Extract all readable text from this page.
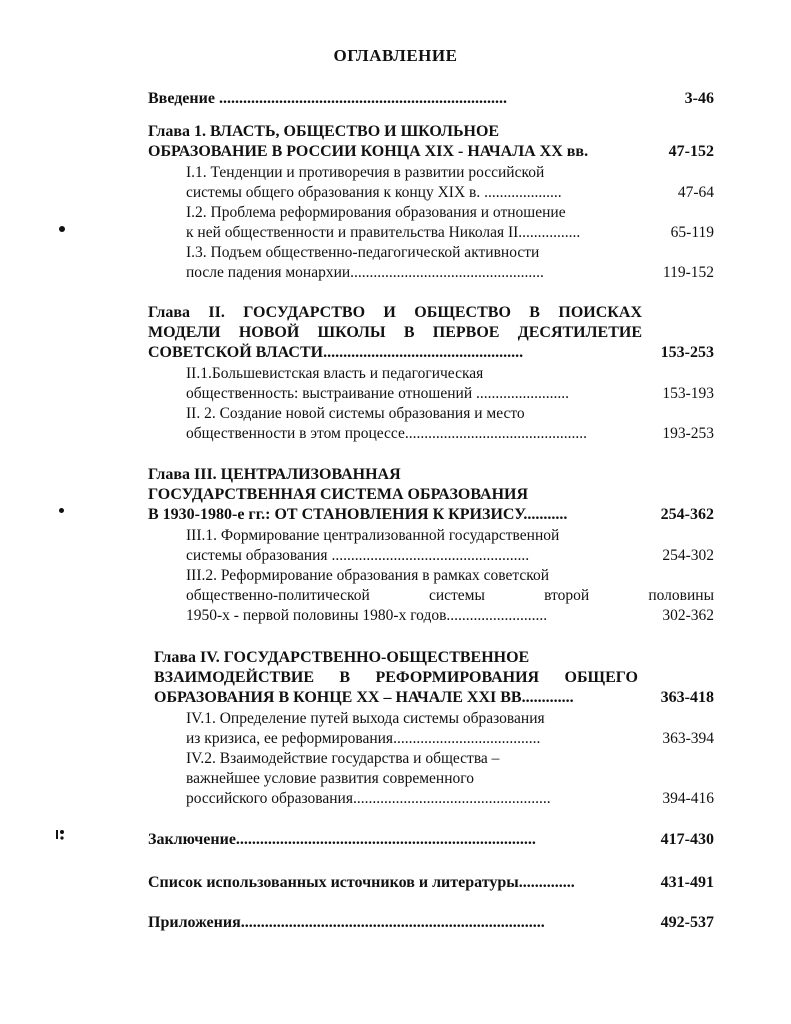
ОГЛАВЛЕНИЕ
Введение ........................................................................	3-46
Глава 1. ВЛАСТЬ, ОБЩЕСТВО И ШКОЛЬНОЕ
ОБРАЗОВАНИЕ В РОССИИ КОНЦА XIX - НАЧАЛА XX вв.	47-152
I.1. Тенденции и противоречия в развитии российской
системы общего образования к концу XIX в. ....................	47-64
I.2. Проблема реформирования образования и отношение
к ней общественности и правительства Николая II................	65-119
I.3. Подъем общественно-педагогической активности
после падения монархии..................................................	119-152
Глава II. ГОСУДАРСТВО И ОБЩЕСТВО В ПОИСКАХ
МОДЕЛИ НОВОЙ ШКОЛЫ В ПЕРВОЕ ДЕСЯТИЛЕТИЕ
СОВЕТСКОЙ ВЛАСТИ..................................................	153-253
II.1.Большевистская власть и педагогическая
общественность: выстраивание отношений ........................	153-193
II. 2. Создание новой системы образования и место
общественности в этом процессе...............................................	193-253
Глава III. ЦЕНТРАЛИЗОВАННАЯ
ГОСУДАРСТВЕННАЯ СИСТЕМА ОБРАЗОВАНИЯ
В 1930-1980-е гг.: ОТ СТАНОВЛЕНИЯ К КРИЗИСУ...........	254-362
III.1. Формирование централизованной государственной
системы образования ...................................................	254-302
III.2. Реформирование образования в рамках советской
общественно-политической системы второй половины
1950-х - первой половины 1980-х годов..........................	302-362
Глава IV. ГОСУДАРСТВЕННО-ОБЩЕСТВЕННОЕ
ВЗАИМОДЕЙСТВИЕ В РЕФОРМИРОВАНИЯ ОБЩЕГО
ОБРАЗОВАНИЯ В КОНЦЕ XX – НАЧАЛЕ XXI ВВ.............	363-418
IV.1. Определение путей выхода системы образования
из кризиса, ее реформирования......................................	363-394
IV.2. Взаимодействие государства и общества –
важнейшее условие развития современного
российского образования...................................................	394-416
Заключение...........................................................................	417-430
Список использованных источников и литературы..............	431-491
Приложения............................................................................	492-537
